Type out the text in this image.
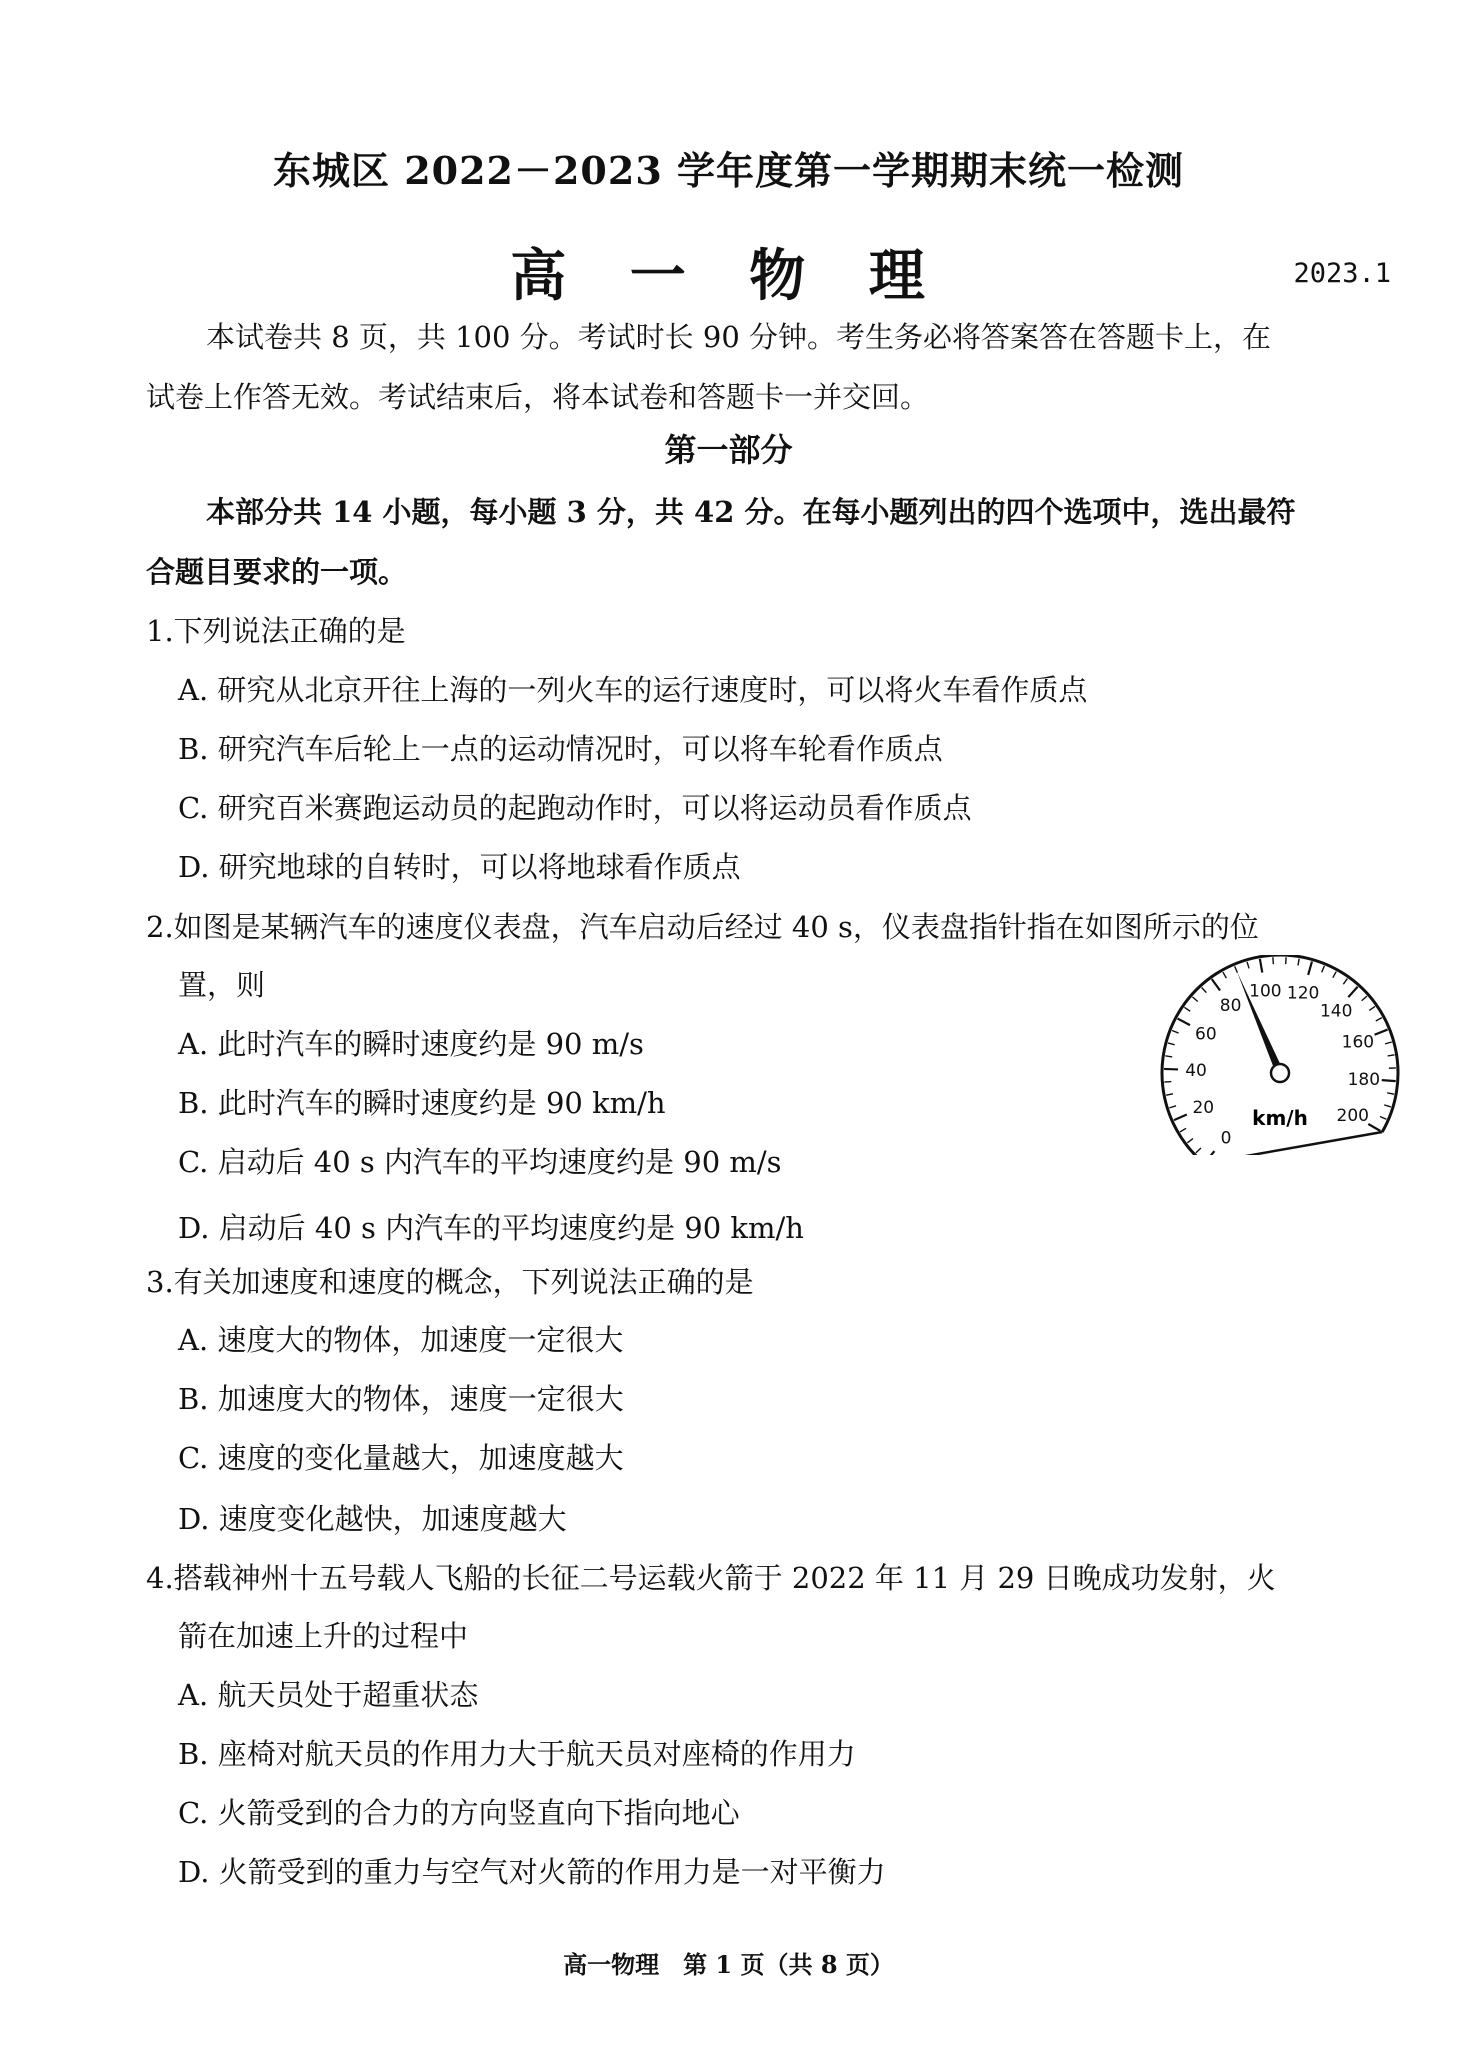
东城区 2022－2023 学年度第一学期期末统一检测
高 一 物 理	2023.1
本试卷共 8 页，共 100 分。考试时长 90 分钟。考生务必将答案答在答题卡上，在
试卷上作答无效。考试结束后，将本试卷和答题卡一并交回。
第一部分
本部分共 14 小题，每小题 3 分，共 42 分。在每小题列出的四个选项中，选出最符
合题目要求的一项。
1.下列说法正确的是
A. 研究从北京开往上海的一列火车的运行速度时，可以将火车看作质点
B. 研究汽车后轮上一点的运动情况时，可以将车轮看作质点
C. 研究百米赛跑运动员的起跑动作时，可以将运动员看作质点
D. 研究地球的自转时，可以将地球看作质点
2.如图是某辆汽车的速度仪表盘，汽车启动后经过 40 s，仪表盘指针指在如图所示的位
置，则
A. 此时汽车的瞬时速度约是 90 m/s
B. 此时汽车的瞬时速度约是 90 km/h
C. 启动后 40 s 内汽车的平均速度约是 90 m/s
D. 启动后 40 s 内汽车的平均速度约是 90 km/h
0
20
40
60
80
100 120
140
160
180
200
km/h
3.有关加速度和速度的概念，下列说法正确的是
A. 速度大的物体，加速度一定很大
B. 加速度大的物体，速度一定很大
C. 速度的变化量越大，加速度越大
D. 速度变化越快，加速度越大
4.搭载神州十五号载人飞船的长征二号运载火箭于 2022 年 11 月 29 日晚成功发射，火
箭在加速上升的过程中
A. 航天员处于超重状态
B. 座椅对航天员的作用力大于航天员对座椅的作用力
C. 火箭受到的合力的方向竖直向下指向地心
D. 火箭受到的重力与空气对火箭的作用力是一对平衡力
高一物理　第 1 页（共 8 页）
